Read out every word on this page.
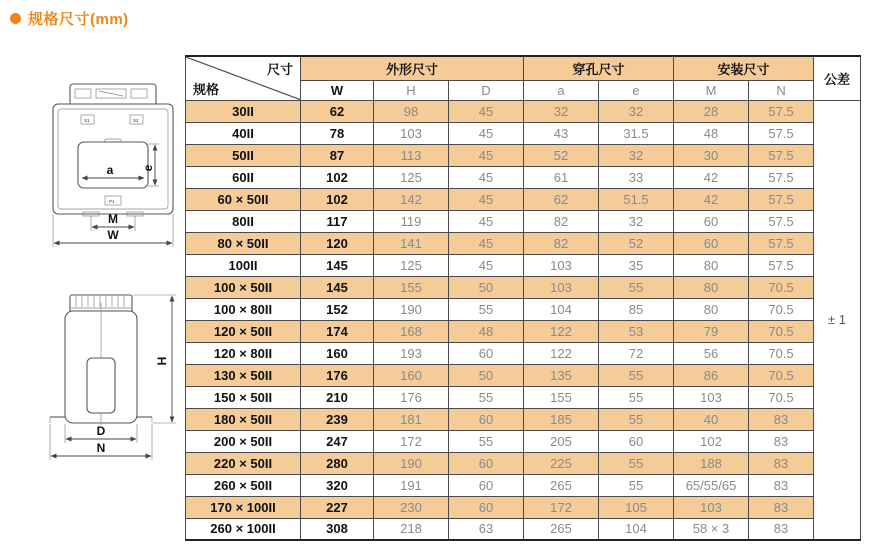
规格尺寸(mm)
S1	S2
a e
P1
M
W
H
D
N
尺寸
规格	外形尺寸			穿孔尺寸		安装尺寸		公差
	W	H	D	a	e	M	N	
30II	62	98	45	32	32	28	57.5	± 1
40II	78	103	45	43	31.5	48	57.5	
50II	87	113	45	52	32	30	57.5	
60II	102	125	45	61	33	42	57.5	
60 × 50II	102	142	45	62	51.5	42	57.5	
80II	117	119	45	82	32	60	57.5	
80 × 50II	120	141	45	82	52	60	57.5	
100II	145	125	45	103	35	80	57.5	
100 × 50II	145	155	50	103	55	80	70.5	
100 × 80II	152	190	55	104	85	80	70.5	
120 × 50II	174	168	48	122	53	79	70.5	
120 × 80II	160	193	60	122	72	56	70.5	
130 × 50II	176	160	50	135	55	86	70.5	
150 × 50II	210	176	55	155	55	103	70.5	
180 × 50II	239	181	60	185	55	40	83	
200 × 50II	247	172	55	205	60	102	83	
220 × 50II	280	190	60	225	55	188	83	
260 × 50II	320	191	60	265	55	65/55/65	83	
170 × 100II	227	230	60	172	105	103	83	
260 × 100II	308	218	63	265	104	58 × 3	83	
